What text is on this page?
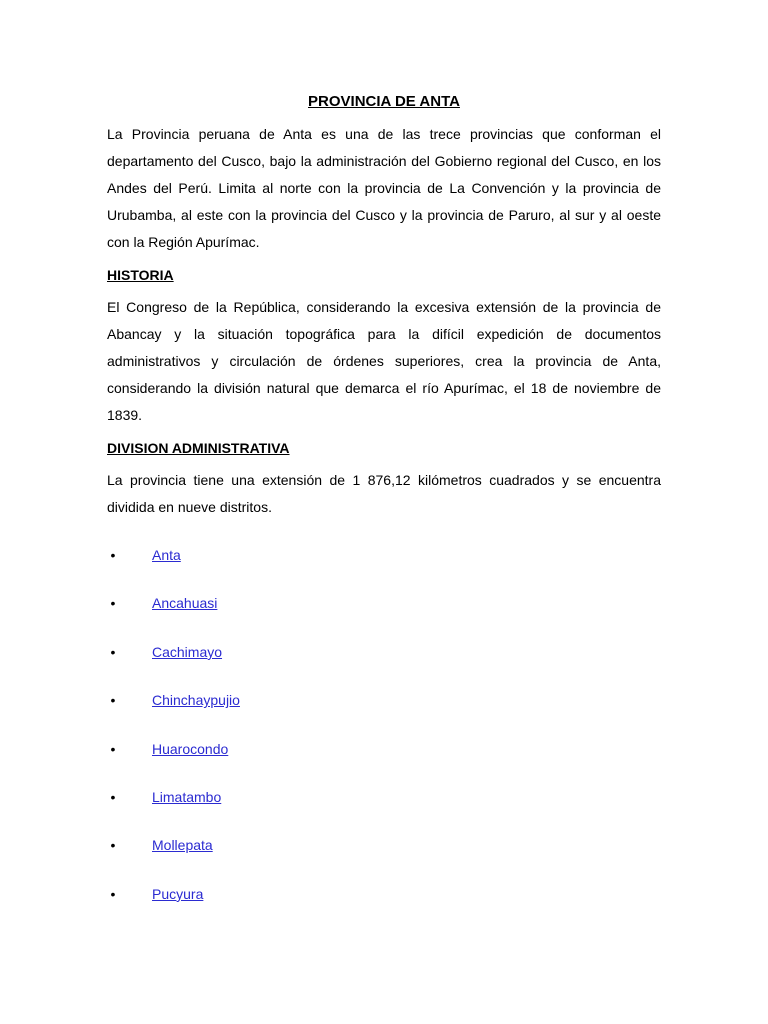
PROVINCIA DE ANTA

La Provincia peruana de Anta es una de las trece provincias que conforman el departamento del Cusco, bajo la administración del Gobierno regional del Cusco, en los Andes del Perú. Limita al norte con la provincia de La Convención y la provincia de Urubamba, al este con la provincia del Cusco y la provincia de Paruro, al sur y al oeste con la Región Apurímac.

HISTORIA

El Congreso de la República, considerando la excesiva extensión de la provincia de Abancay y la situación topográfica para la difícil expedición de documentos administrativos y circulación de órdenes superiores, crea la provincia de Anta, considerando la división natural que demarca el río Apurímac, el 18 de noviembre de 1839.

DIVISION ADMINISTRATIVA

La provincia tiene una extensión de 1 876,12 kilómetros cuadrados y se encuentra dividida en nueve distritos.

•	Anta
•	Ancahuasi
•	Cachimayo
•	Chinchaypujio
•	Huarocondo
•	Limatambo
•	Mollepata
•	Pucyura
